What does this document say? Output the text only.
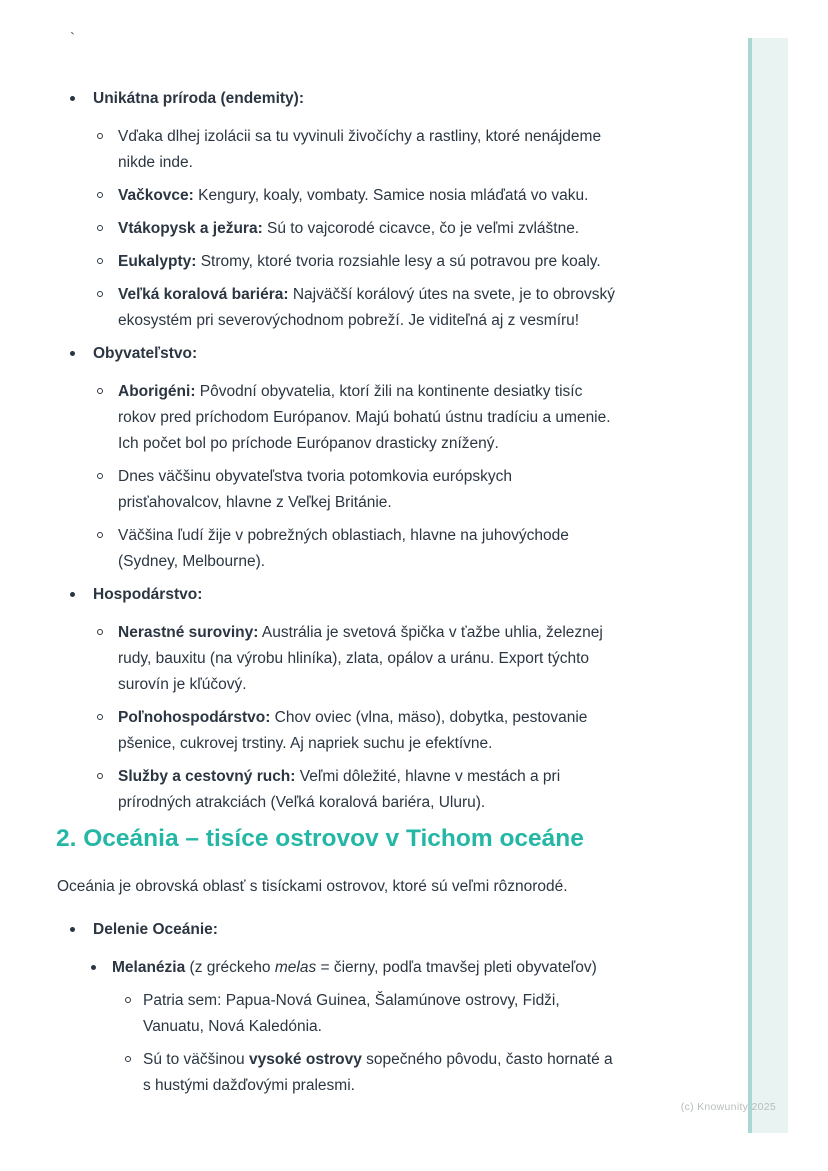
`
Unikátna príroda (endemity):
Vďaka dlhej izolácii sa tu vyvinuli živočíchy a rastliny, ktoré nenájdeme
nikde inde.
Vačkovce: Kengury, koaly, vombaty. Samice nosia mláďatá vo vaku.
Vtákopysk a ježura: Sú to vajcorodé cicavce, čo je veľmi zvláštne.
Eukalypty: Stromy, ktoré tvoria rozsiahle lesy a sú potravou pre koaly.
Veľká koralová bariéra: Najväčší korálový útes na svete, je to obrovský
ekosystém pri severovýchodnom pobreží. Je viditeľná aj z vesmíru!
Obyvateľstvo:
Aborigéni: Pôvodní obyvatelia, ktorí žili na kontinente desiatky tisíc
rokov pred príchodom Európanov. Majú bohatú ústnu tradíciu a umenie.
Ich počet bol po príchode Európanov drasticky znížený.
Dnes väčšinu obyvateľstva tvoria potomkovia európskych
prisťahovalcov, hlavne z Veľkej Británie.
Väčšina ľudí žije v pobrežných oblastiach, hlavne na juhovýchode
(Sydney, Melbourne).
Hospodárstvo:
Nerastné suroviny: Austrália je svetová špička v ťažbe uhlia, železnej
rudy, bauxitu (na výrobu hliníka), zlata, opálov a uránu. Export týchto
surovín je kľúčový.
Poľnohospodárstvo: Chov oviec (vlna, mäso), dobytka, pestovanie
pšenice, cukrovej trstiny. Aj napriek suchu je efektívne.
Služby a cestovný ruch: Veľmi dôležité, hlavne v mestách a pri
prírodných atrakciách (Veľká koralová bariéra, Uluru).
2. Oceánia – tisíce ostrovov v Tichom oceáne

Oceánia je obrovská oblasť s tisíckami ostrovov, ktoré sú veľmi rôznorodé.

Delenie Oceánie:
Melanézia (z gréckeho melas = čierny, podľa tmavšej pleti obyvateľov)
Patria sem: Papua-Nová Guinea, Šalamúnove ostrovy, Fidži,
Vanuatu, Nová Kaledónia.
Sú to väčšinou vysoké ostrovy sopečného pôvodu, často hornaté a
s hustými dažďovými pralesmi.
(c) Knowunity 2025
